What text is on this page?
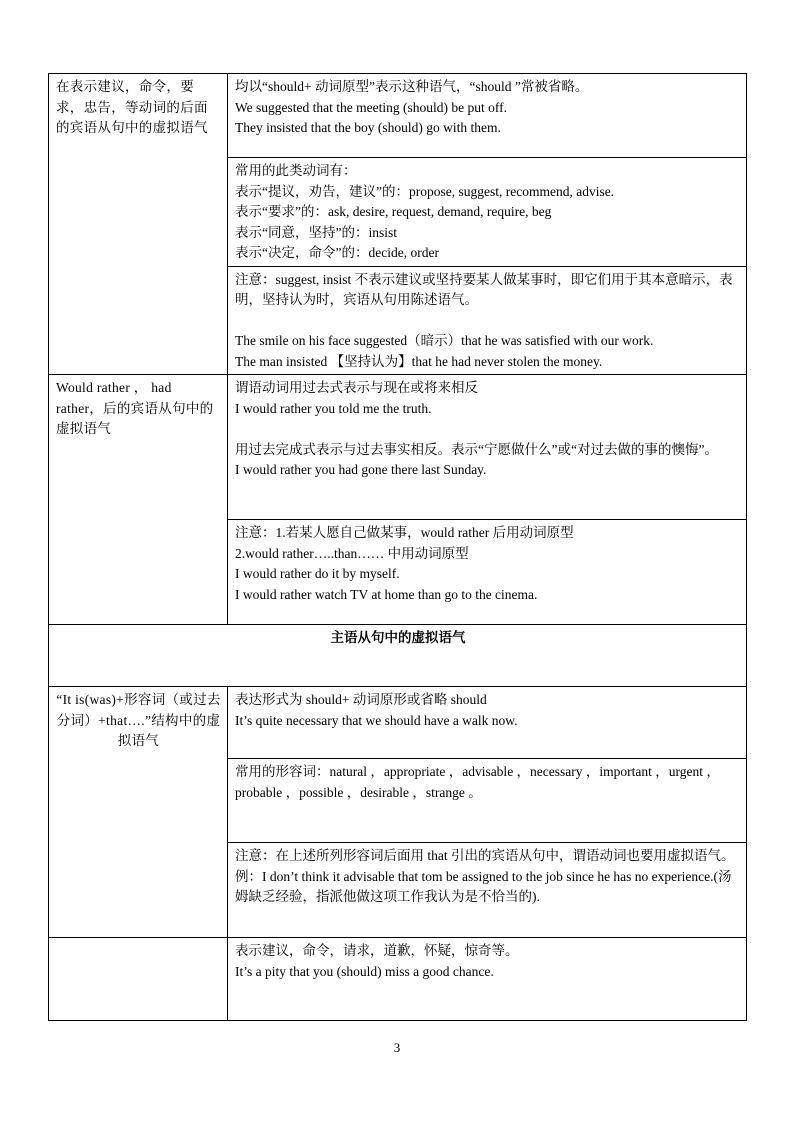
在表示建议，命令，要求，忠告，等动词的后面的宾语从句中的虚拟语气	均以“should+ 动词原型”表示这种语气，“should ”常被省略。
We suggested that the meeting (should) be put off.
They insisted that the boy (should) go with them.

	常用的此类动词有：
表示“提议，劝告，建议”的：propose, suggest, recommend, advise.
表示“要求”的：ask, desire, request, demand, require, beg
表示“同意，坚持”的：insist
表示“决定，命令”的：decide, order

	注意：suggest, insist 不表示建议或坚持要某人做某事时，即它们用于其本意暗示，表明，坚持认为时，宾语从句用陈述语气。
The smile on his face suggested（暗示）that he was satisfied with our work.
The man insisted 【坚持认为】that he had never stolen the money.

Would rather ， had rather，后的宾语从句中的虚拟语气	谓语动词用过去式表示与现在或将来相反
I would rather you told me the truth.
用过去完成式表示与过去事实相反。表示“宁愿做什么”或“对过去做的事的懊悔”。
I would rather you had gone there last Sunday.

	注意：1.若某人愿自己做某事，would rather 后用动词原型
2.would rather…..than…… 中用动词原型
I would rather do it by myself.
I would rather watch TV at home than go to the cinema.

主语从句中的虚拟语气	
“It is(was)+形容词（或过去分词）+that….”结构中的虚拟语气	表达形式为 should+ 动词原形或省略 should
It’s quite necessary that we should have a walk now.

	常用的形容词：natural ，appropriate ，advisable ，necessary ，important ，urgent ，probable ，possible ，desirable ，strange 。

	注意：在上述所列形容词后面用 that 引出的宾语从句中，谓语动词也要用虚拟语气。
例：I don’t think it advisable that tom be assigned to the job since he has no experience.(汤姆缺乏经验，指派他做这项工作我认为是不恰当的).

	表示建议，命令，请求，道歉，怀疑，惊奇等。
It’s a pity that you (should) miss a good chance.
3
